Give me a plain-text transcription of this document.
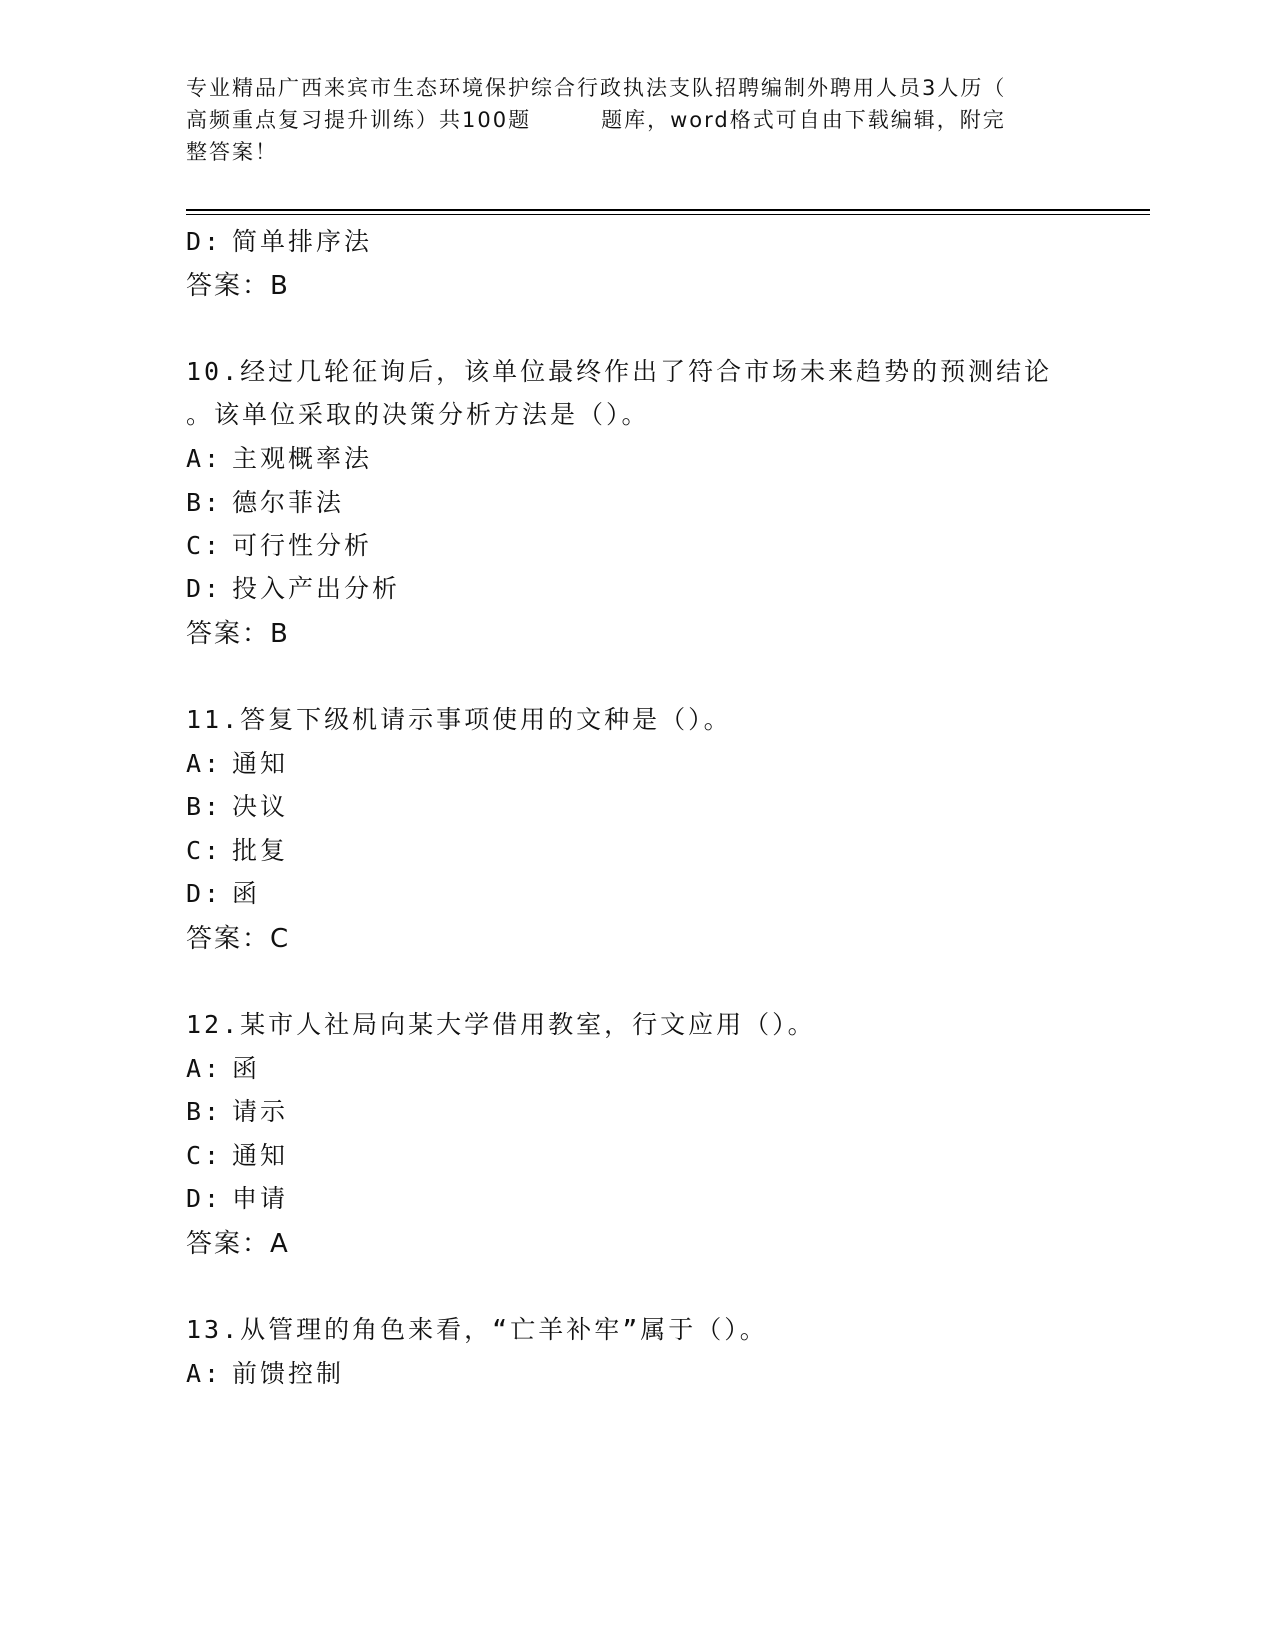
专业精品广西来宾市生态环境保护综合行政执法支队招聘编制外聘用人员3人历（
高频重点复习提升训练）共100题	题库，word格式可自由下载编辑，附完
整答案！
D: 简单排序法
答案：B
10.经过几轮征询后，该单位最终作出了符合市场未来趋势的预测结论
。该单位采取的决策分析方法是（）。
A: 主观概率法
B: 德尔菲法
C: 可行性分析
D: 投入产出分析
答案：B
11.答复下级机请示事项使用的文种是（）。
A: 通知
B: 决议
C: 批复
D: 函
答案：C
12.某市人社局向某大学借用教室，行文应用（）。
A: 函
B: 请示
C: 通知
D: 申请
答案：A
13.从管理的角色来看，“亡羊补牢”属于（）。
A: 前馈控制
